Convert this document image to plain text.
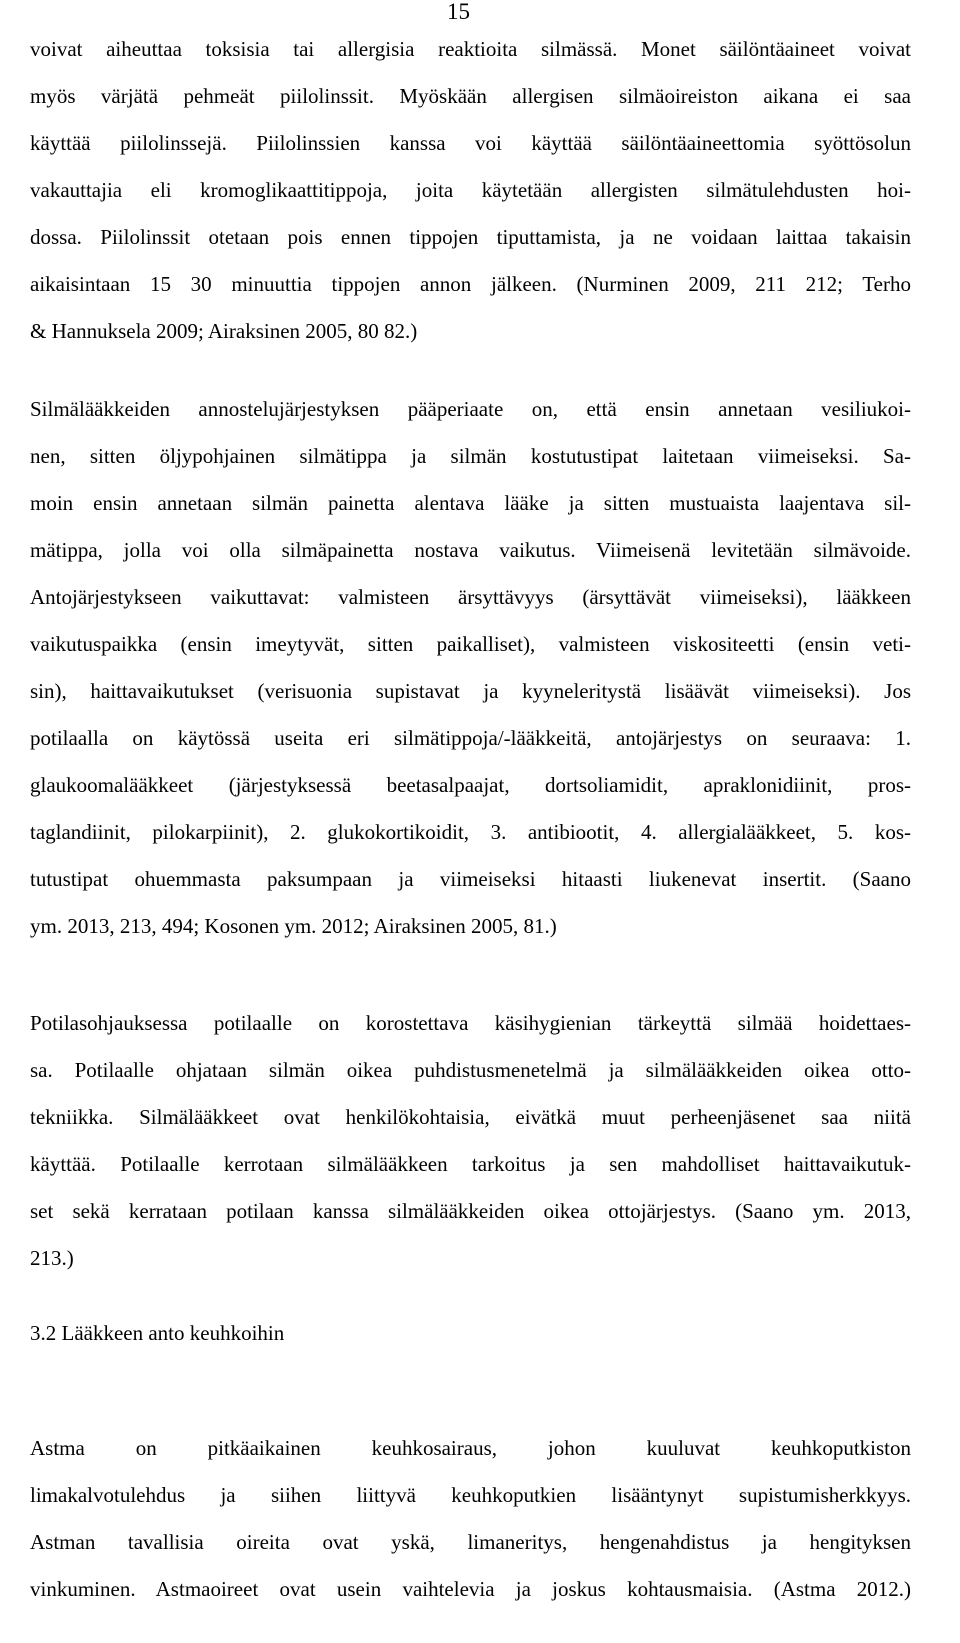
15
voivat aiheuttaa toksisia tai allergisia reaktioita silmässä. Monet säilöntäaineet voivat
myös värjätä pehmeät piilolinssit. Myöskään allergisen silmäoireiston aikana ei saa
käyttää piilolinssejä. Piilolinssien kanssa voi käyttää säilöntäaineettomia syöttösolun
vakauttajia eli kromoglikaattitippoja, joita käytetään allergisten silmätulehdusten hoi-
dossa. Piilolinssit otetaan pois ennen tippojen tiputtamista, ja ne voidaan laittaa takaisin
aikaisintaan 15 30 minuuttia tippojen annon jälkeen. (Nurminen 2009, 211 212; Terho
& Hannuksela 2009; Airaksinen 2005, 80 82.)
Silmälääkkeiden annostelujärjestyksen pääperiaate on, että ensin annetaan vesiliukoi-
nen, sitten öljypohjainen silmätippa ja silmän kostutustipat laitetaan viimeiseksi. Sa-
moin ensin annetaan silmän painetta alentava lääke ja sitten mustuaista laajentava sil-
mätippa, jolla voi olla silmäpainetta nostava vaikutus. Viimeisenä levitetään silmävoide.
Antojärjestykseen vaikuttavat: valmisteen ärsyttävyys (ärsyttävät viimeiseksi), lääkkeen
vaikutuspaikka (ensin imeytyvät, sitten paikalliset), valmisteen viskositeetti (ensin veti-
sin), haittavaikutukset (verisuonia supistavat ja kyyneleritystä lisäävät viimeiseksi). Jos
potilaalla on käytössä useita eri silmätippoja/-lääkkeitä, antojärjestys on seuraava: 1.
glaukoomalääkkeet (järjestyksessä beetasalpaajat, dortsoliamidit, apraklonidiinit, pros-
taglandiinit, pilokarpiinit), 2. glukokortikoidit, 3. antibiootit, 4. allergialääkkeet, 5. kos-
tutustipat ohuemmasta paksumpaan ja viimeiseksi hitaasti liukenevat insertit. (Saano
ym. 2013, 213, 494; Kosonen ym. 2012; Airaksinen 2005, 81.)
Potilasohjauksessa potilaalle on korostettava käsihygienian tärkeyttä silmää hoidettaes-
sa. Potilaalle ohjataan silmän oikea puhdistusmenetelmä ja silmälääkkeiden oikea otto-
tekniikka. Silmälääkkeet ovat henkilökohtaisia, eivätkä muut perheenjäsenet saa niitä
käyttää. Potilaalle kerrotaan silmälääkkeen tarkoitus ja sen mahdolliset haittavaikutuk-
set sekä kerrataan potilaan kanssa silmälääkkeiden oikea ottojärjestys. (Saano ym. 2013,
213.)
3.2 Lääkkeen anto keuhkoihin
Astma on pitkäaikainen keuhkosairaus, johon kuuluvat keuhkoputkiston
limakalvotulehdus ja siihen liittyvä keuhkoputkien lisääntynyt supistumisherkkyys.
Astman tavallisia oireita ovat yskä, limaneritys, hengenahdistus ja hengityksen
vinkuminen. Astmaoireet ovat usein vaihtelevia ja joskus kohtausmaisia. (Astma 2012.)
